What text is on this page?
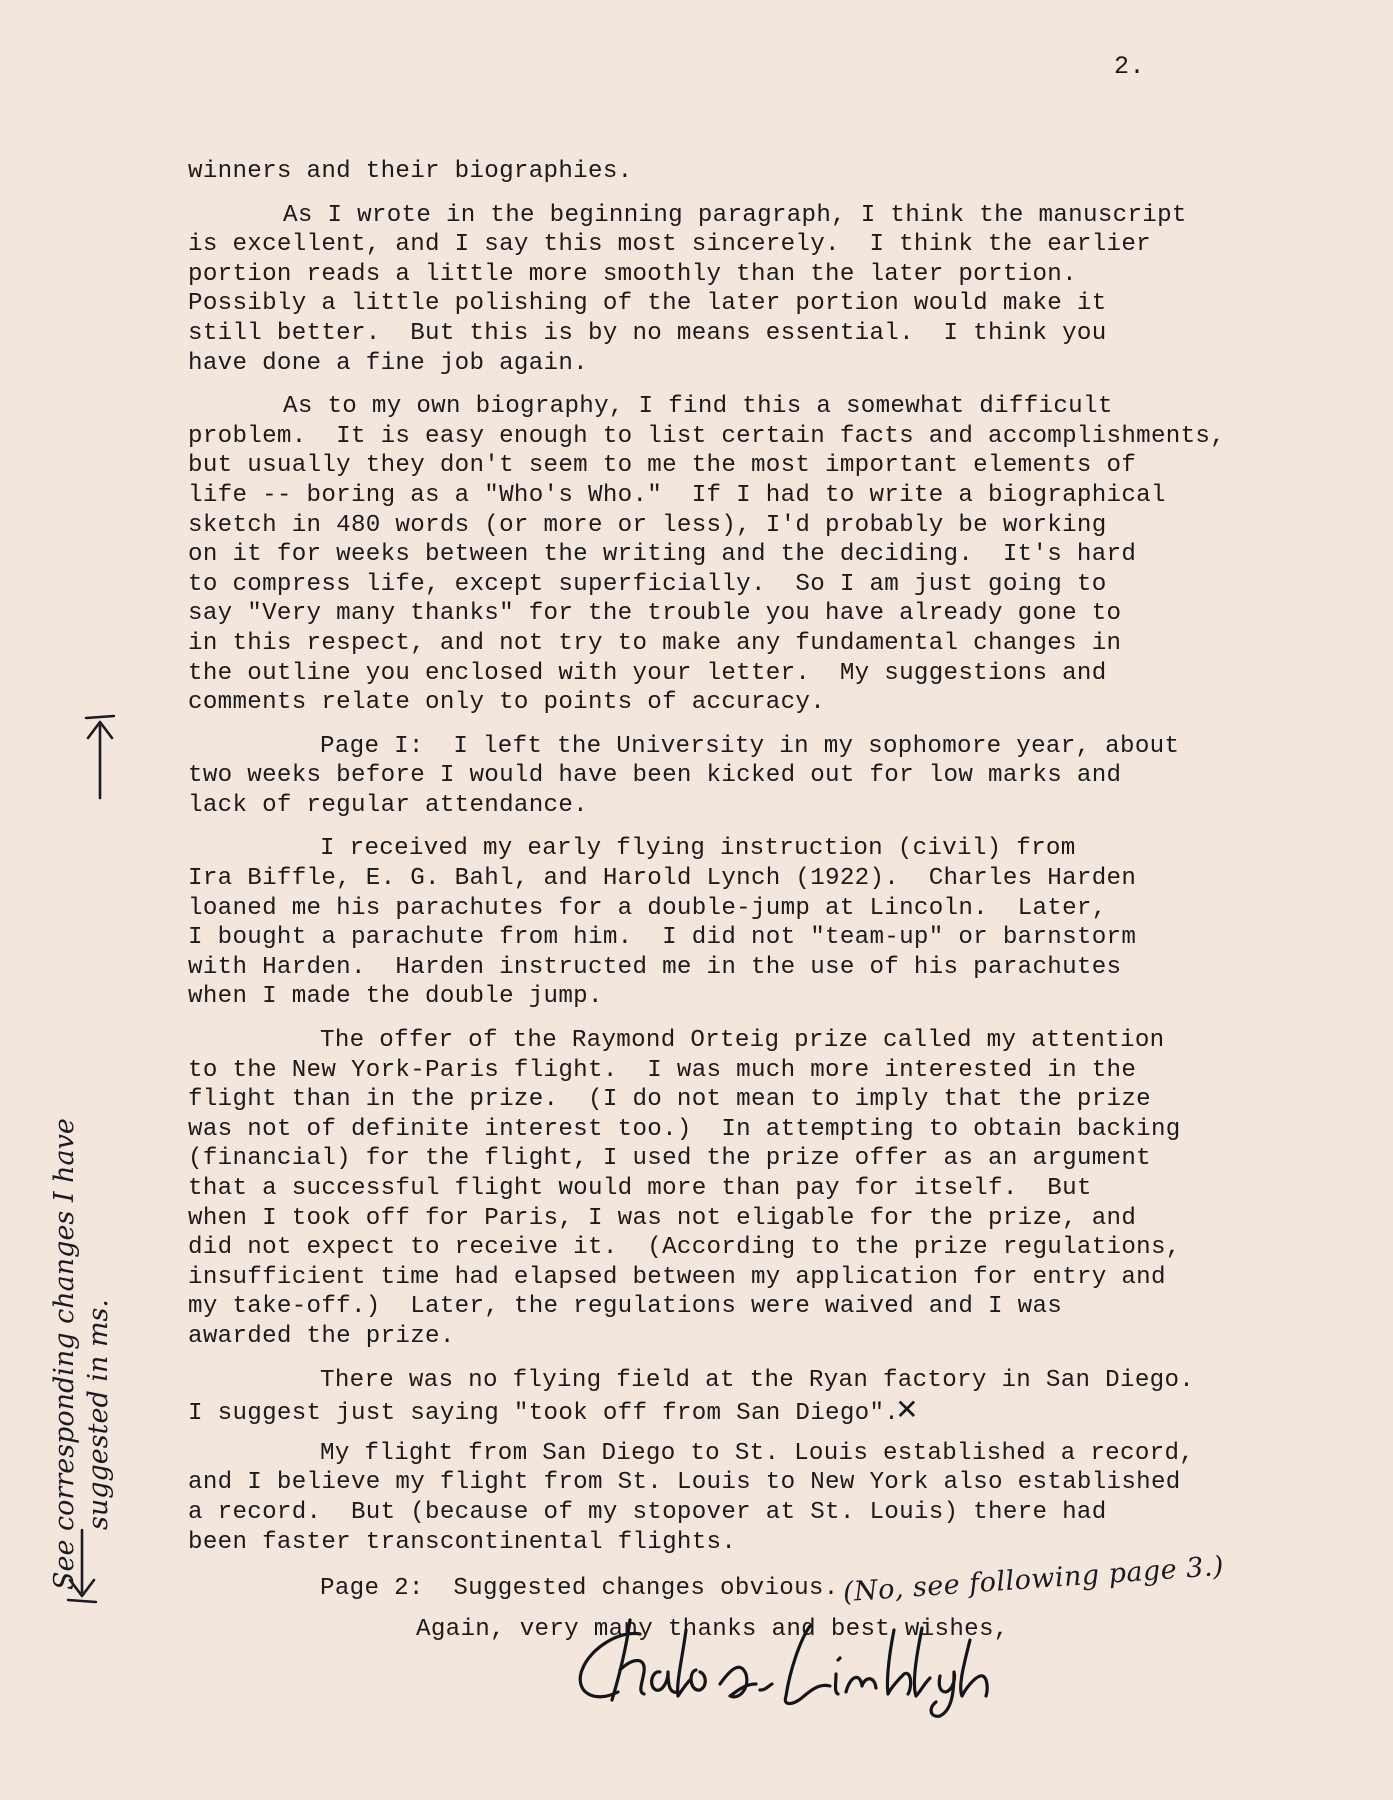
2.
winners and their biographies.
As I wrote in the beginning paragraph, I think the manuscript
is excellent, and I say this most sincerely.  I think the earlier
portion reads a little more smoothly than the later portion.
Possibly a little polishing of the later portion would make it
still better.  But this is by no means essential.  I think you
have done a fine job again.
As to my own biography, I find this a somewhat difficult
problem.  It is easy enough to list certain facts and accomplishments,
but usually they don't seem to me the most important elements of
life -- boring as a "Who's Who."  If I had to write a biographical
sketch in 480 words (or more or less), I'd probably be working
on it for weeks between the writing and the deciding.  It's hard
to compress life, except superficially.  So I am just going to
say "Very many thanks" for the trouble you have already gone to
in this respect, and not try to make any fundamental changes in
the outline you enclosed with your letter.  My suggestions and
comments relate only to points of accuracy.
Page I:  I left the University in my sophomore year, about
two weeks before I would have been kicked out for low marks and
lack of regular attendance.
I received my early flying instruction (civil) from
Ira Biffle, E. G. Bahl, and Harold Lynch (1922).  Charles Harden
loaned me his parachutes for a double-jump at Lincoln.  Later,
I bought a parachute from him.  I did not "team-up" or barnstorm
with Harden.  Harden instructed me in the use of his parachutes
when I made the double jump.
The offer of the Raymond Orteig prize called my attention
to the New York-Paris flight.  I was much more interested in the
flight than in the prize.  (I do not mean to imply that the prize
was not of definite interest too.)  In attempting to obtain backing
(financial) for the flight, I used the prize offer as an argument
that a successful flight would more than pay for itself.  But
when I took off for Paris, I was not eligable for the prize, and
did not expect to receive it.  (According to the prize regulations,
insufficient time had elapsed between my application for entry and
my take-off.)  Later, the regulations were waived and I was
awarded the prize.
There was no flying field at the Ryan factory in San Diego.
I suggest just saying "took off from San Diego".✕
My flight from San Diego to St. Louis established a record,
and I believe my flight from St. Louis to New York also established
a record.  But (because of my stopover at St. Louis) there had
been faster transcontinental flights.
Page 2:  Suggested changes obvious. (No, see following page 3.)
Again, very many thanks and best wishes,
See corresponding changes I have suggested in ms.
